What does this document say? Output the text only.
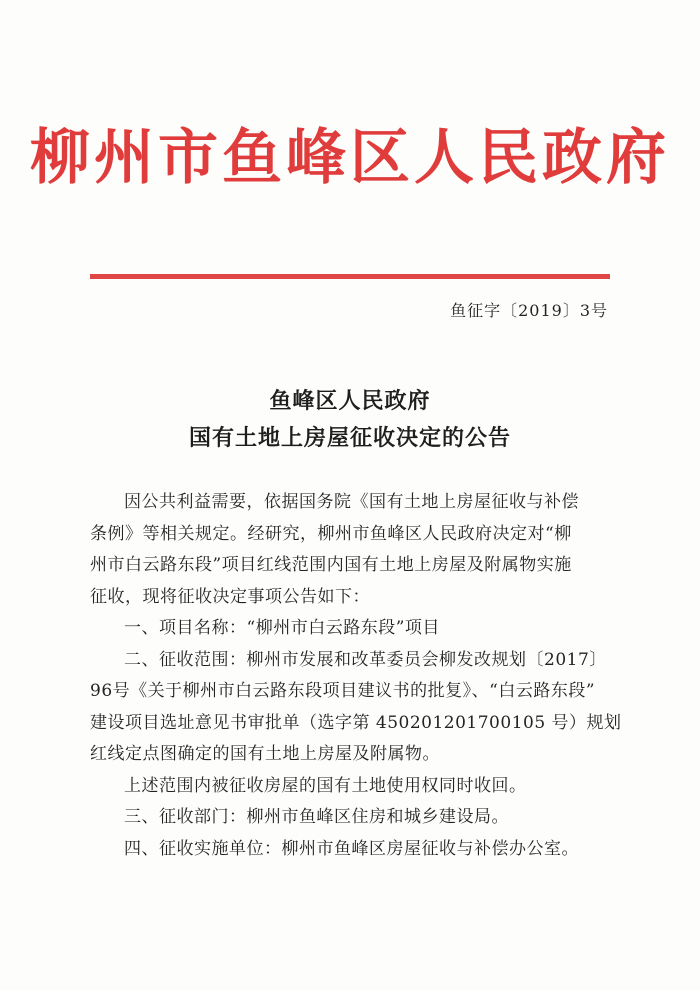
柳州市鱼峰区人民政府
鱼征字〔2019〕3号
鱼峰区人民政府
国有土地上房屋征收决定的公告
因公共利益需要，依据国务院《国有土地上房屋征收与补偿
条例》等相关规定。经研究，柳州市鱼峰区人民政府决定对“柳
州市白云路东段”项目红线范围内国有土地上房屋及附属物实施
征收，现将征收决定事项公告如下：
一、项目名称：“柳州市白云路东段”项目
二、征收范围：柳州市发展和改革委员会柳发改规划〔2017〕
96号《关于柳州市白云路东段项目建议书的批复》、“白云路东段”
建设项目选址意见书审批单（选字第 450201201700105 号）规划
红线定点图确定的国有土地上房屋及附属物。
上述范围内被征收房屋的国有土地使用权同时收回。
三、征收部门：柳州市鱼峰区住房和城乡建设局。
四、征收实施单位：柳州市鱼峰区房屋征收与补偿办公室。
